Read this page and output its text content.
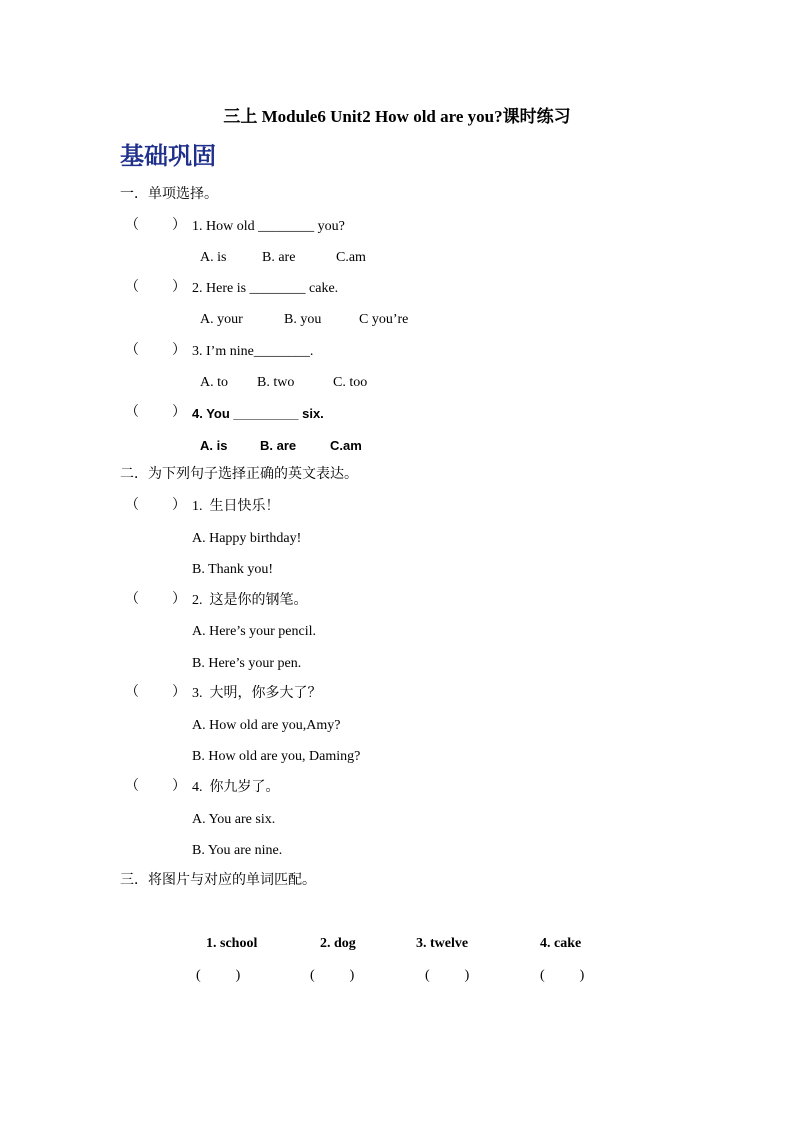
三上 Module6 Unit2 How old are you?课时练习
基础巩固
一．单项选择。
（ ） 1. How old ________ you?
A. is	B. are	C.am
（ ） 2. Here is ________ cake.
A. your	B. you	C you’re
（ ） 3. I’m nine________.
A. to B. two	C. too
（ ） 4. You _________ six.
A. is	B. are	C.am
二．为下列句子选择正确的英文表达。
（ ） 1.  生日快乐！
A. Happy birthday!
B. Thank you!
（ ） 2.  这是你的钢笔。
A. Here’s your pencil.
B. Here’s your pen.
（ ） 3.  大明，你多大了？
A. How old are you,Amy?
B. How old are you, Daming?
（ ） 4.  你九岁了。
A. You are six.
B. You are nine.
三．将图片与对应的单词匹配。
1. school	2. dog	3. twelve	4. cake
(          )	(          )	(          )	(          )
